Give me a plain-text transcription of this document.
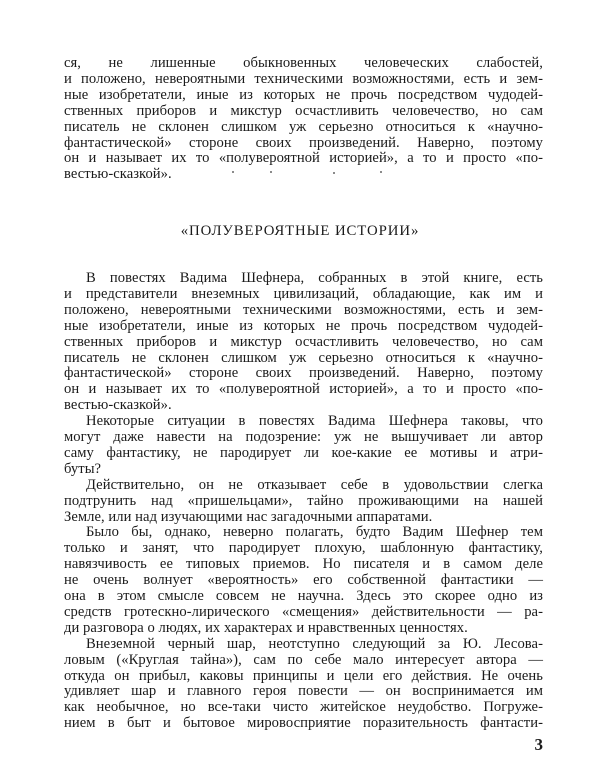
«ПОЛУВЕРОЯТНЫЕ ИСТОРИИ»

В повестях Вадима Шефнера, собранных в этой книге, есть

и представители внеземных цивилизаций, обладающие, как им и

положено, невероятными техническими возможностями, есть и зем-

ные изобретатели, иные из которых не прочь посредством чудодей-

ственных приборов и микстур осчастливить человечество, но сам

писатель не склонен слишком уж серьезно относиться к «научно-

фантастической» стороне своих произведений. Наверно, поэтому

он и называет их то «полувероятной историей», а то и просто «по-

вестью-сказкой».

Некоторые ситуации в повестях Вадима Шефнера таковы, что

могут даже навести на подозрение: уж не вышучивает ли автор

саму фантастику, не пародирует ли кое-какие ее мотивы и атри-

буты?

Действительно, он не отказывает себе в удовольствии слегка

подтрунить над «пришельцами», тайно проживающими на нашей

Земле, или над изучающими нас загадочными аппаратами.

Было бы, однако, неверно полагать, будто Вадим Шефнер тем

только и занят, что пародирует плохую, шаблонную фантастику,

навязчивость ее типовых приемов. Но писателя и в самом деле

не очень волнует «вероятность» его собственной фантастики —

она в этом смысле совсем не научна. Здесь это скорее одно из

средств гротескно-лирического «смещения» действительности — ра-

ди разговора о людях, их характерах и нравственных ценностях.

Внеземной черный шар, неотступно следующий за Ю. Лесова-

ловым («Круглая тайна»), сам по себе мало интересует автора —

откуда он прибыл, каковы принципы и цели его действия. Не очень

удивляет шар и главного героя повести — он воспринимается им

как необычное, но все-таки чисто житейское неудобство. Погруже-

нием в быт и бытовое мировосприятие поразительность фантасти-

ся, не лишенные обыкновенных человеческих слабостей,

и положено, невероятными техническими возможностями, есть и зем-

ные изобретатели, иные из которых не прочь посредством чудодей-

ственных приборов и микстур осчастливить человечество, но сам

писатель не склонен слишком уж серьезно относиться к «научно-

фантастической» стороне своих произведений. Наверно, поэтому

он и называет их то «полувероятной историей», а то и просто «по-

вестью-сказкой».

3
